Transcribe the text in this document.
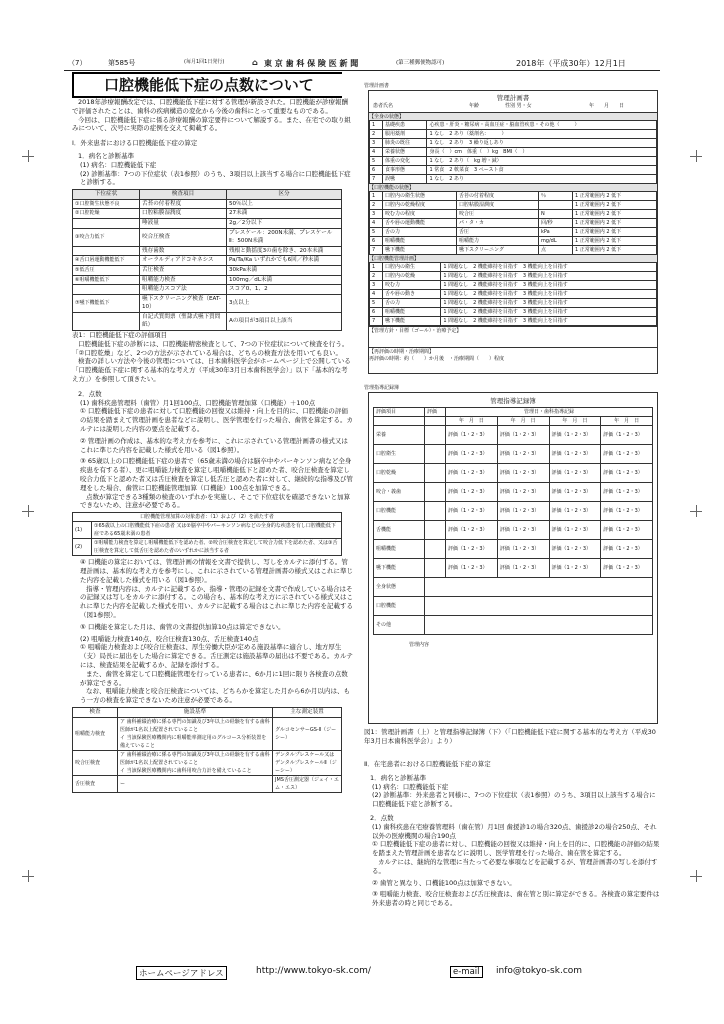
（7）	第585号	(毎月1回1日発行)	⌂ 東 京 歯 科 保 険 医 新 聞	(第三種郵便物認可)	2018年（平成30年）12月1日
口腔機能低下症の点数について

2018年診療報酬改定では、口腔機能低下症に対する管理が新設された。口腔機能が診療報酬で評価されたことは、歯科の疾病構造の変化から今後の歯科にとって重要なものである。

今回は、口腔機能低下症に係る診療報酬の算定要件について解説する。また、在宅での取り組みについて、次号に実際の症例を交えて掲載する。

Ⅰ．外来患者における口腔機能低下症の算定

1．病名と診断基準

(1) 病名：口腔機能低下症

(2) 診断基準：7つの下位症状（表1参照）のうち、3項目以上該当する場合に口腔機能低下症と診断する。

下位症状	検査項目	区分
①口腔衛生状態不良	舌苔の付着程度	50％以上
②口腔乾燥	口腔粘膜湿潤度	27未満
	唾液量	2g／2分以下
③咬合力低下	咬合圧検査	プレスケール：200N未満、プレスケールⅡ：500N未満
	残存歯数	残根と動揺度3の歯を除き、20本未満
④舌口唇運動機能低下	オーラルディアドコキネシス	Pa/Ta/Ka いずれかでも6回／秒未満
⑤低舌圧	舌圧検査	30kPa未満
⑥咀嚼機能低下	咀嚼能力検査	100mg／dL未満
	咀嚼能力スコア法	スコア0、1、2
⑦嚥下機能低下	嚥下スクリーニング検査（EAT-10）	3点以上
	自記式質問票（聖隷式嚥下質問紙）	Aの項目が3項目以上該当

表1：口腔機能低下症の評価項目

口腔機能低下症の診断には、口腔機能精密検査として、7つの下位症状について検査を行う。「②口腔乾燥」など、2つの方法が示されている場合は、どちらの検査方法を用いても良い。

検査の詳しい方法や今後の管理については、日本歯科医学会がホームページ上で公開している「口腔機能低下症に関する基本的な考え方（平成30年3月日本歯科医学会）」以下「基本的な考え方」）を参照して頂きたい。

2．点数

(1) 歯科疾患管理料（歯管）月1回100点、口腔機能管理加算（口機能）＋100点

① 口腔機能低下症の患者に対して口腔機能の回復又は維持・向上を目的に、口腔機能の評価の結果を踏まえて管理計画を患者などに説明し、医学管理を行った場合、歯管を算定する。カルテには説明した内容の要点を記載する。

② 管理計画の作成は、基本的な考え方を参考に、これに示されている管理計画書の様式又はこれに準じた内容を記載した様式を用いる（図1参照）。

③ 65歳以上の口腔機能低下症の患者で（65歳未満の場合は脳卒中やパーキンソン病など全身疾患を有する者）、更に咀嚼能力検査を算定し咀嚼機能低下と認めた者、咬合圧検査を算定し咬合力低下と認めた者又は舌圧検査を算定し低舌圧と認めた者に対して、継続的な指導及び管理をした場合、歯管に口腔機能管理加算（口機能）100点を加算できる。

点数が算定できる3種類の検査のいずれかを実施し、そこで下位症状を確認できないと加算できないため、注意が必要である。

口腔機能管理加算の対象患者：（1）および（2）を満たす者	
(1)	①65歳以上の口腔機能低下症の患者 又は②脳卒中やパーキンソン病などの全身的な疾患を有し口腔機能低下症である65歳未満の患者
(2)	①咀嚼能力検査を算定し咀嚼機能低下を認めた者、②咬合圧検査を算定して咬合力低下を認めた者、又は③舌圧検査を算定して低舌圧を認めた者のいずれかに該当する者

④ 口機能の算定においては、管理計画の情報を文書で提供し、写しをカルテに添付する。管理計画は、基本的な考え方を参考にし、これに示されている管理計画書の様式又はこれに準じた内容を記載した様式を用いる（図1参照）。

指導・管理内容は、カルテに記載するか、指導・管理の記録を文書で作成している場合はその記録又は写しをカルテに添付する。この場合も、基本的な考え方に示されている様式又はこれに準じた内容を記載した様式を用い、カルテに記載する場合はこれに準じた内容を記載する（図1参照）。

⑤ 口機能を算定した月は、歯管の文書提供加算10点は算定できない。

(2) 咀嚼能力検査140点、咬合圧検査130点、舌圧検査140点

① 咀嚼能力検査および咬合圧検査は、厚生労働大臣が定める施設基準に適合し、地方厚生（支）局長に届出をした場合に算定できる。舌圧測定は施設基準の届出は不要である。カルテには、検査結果を記載するか、記録を添付する。

また、歯管を算定して口腔機能管理を行っている患者に、6か月に1回に限り各検査の点数が算定できる。

なお、咀嚼能力検査と咬合圧検査については、どちらかを算定した月から6か月以内は、もう一方の検査を算定できないため注意が必要である。

検査	施設基準	主な測定装置
咀嚼能力検査	ア 歯科補綴治療に係る専門の知識及び3年以上の経験を有する歯科医師が1名以上配置されていること
イ 当該保険医療機関内に咀嚼能率測定用のグルコース分析装置を備えていること	グルコセンサーGS-Ⅱ（ジーシー）
咬合圧検査	ア 歯科補綴治療に係る専門の知識及び3年以上の経験を有する歯科医師が1名以上配置されていること
イ 当該保険医療機関内に歯科用咬合力計を備えていること	デンタルプレスケール又はデンタルプレスケールⅡ（ジーシー）
舌圧検査	ー	JMS舌圧測定器（ジェイ・エム・エス）
管理計画書
管理計画書
患者氏名	年齢	性別 男・女	年　　月　　日
【全身の状態】
1	基礎疾患	心疾患・肝炎・糖尿病・高血圧症・脳血管疾患・その他（　　　）
2	服用薬剤	1 なし　2 あり（薬剤名：　　　）
3	肺炎の既往	1 なし　2 あり　3 繰り返しあり
4	栄養状態	身長（　）cm　体重（　）kg　BMI（　）
5	体重の変化	1 なし　2 あり（　kg 増・減）
6	食事形態	1 常食　2 軟菜食　3 ペースト食
7	誤嚥	1 なし　2 あり
【口腔機能の状態】
1	口腔内の衛生状態	舌苔の付着程度	％	1 正常範囲内 2 低下
2	口腔内の乾燥程度	口腔粘膜湿潤度		1 正常範囲内 2 低下
3	咬む力の程度	咬合圧	N	1 正常範囲内 2 低下
4	舌や唇の運動機能	パ・タ・カ	回/秒	1 正常範囲内 2 低下
5	舌の力	舌圧	kPa	1 正常範囲内 2 低下
6	咀嚼機能	咀嚼能力	mg/dL	1 正常範囲内 2 低下
7	嚥下機能	嚥下スクリーニング	点	1 正常範囲内 2 低下
【口腔機能管理計画】
1	口腔内の衛生	1 問題なし　2 機能維持を目指す　3 機能向上を目指す
2	口腔内の乾燥	1 問題なし　2 機能維持を目指す　3 機能向上を目指す
3	咬む力	1 問題なし　2 機能維持を目指す　3 機能向上を目指す
4	舌や唇の動き	1 問題なし　2 機能維持を目指す　3 機能向上を目指す
5	舌の力	1 問題なし　2 機能維持を目指す　3 機能向上を目指す
6	咀嚼機能	1 問題なし　2 機能維持を目指す　3 機能向上を目指す
7	嚥下機能	1 問題なし　2 機能維持を目指す　3 機能向上を目指す
【管理方針・目標（ゴール）・治療予定】
【再評価の時期・治療期間】
再評価の時期：約（　　）か月後　・治療期間（　　）程度
管理指導記録簿
管理指導記録簿
評価項目	評価	管理日・歯科指導記録			
		年　月　日	年　月　日	年　月　日	年　月　日
栄養		評価（1・2・3）	評価（1・2・3）	評価（1・2・3）	評価（1・2・3）
口腔衛生		評価（1・2・3）	評価（1・2・3）	評価（1・2・3）	評価（1・2・3）
口腔乾燥		評価（1・2・3）	評価（1・2・3）	評価（1・2・3）	評価（1・2・3）
咬合・義歯		評価（1・2・3）	評価（1・2・3）	評価（1・2・3）	評価（1・2・3）
口腔機能		評価（1・2・3）	評価（1・2・3）	評価（1・2・3）	評価（1・2・3）
舌機能		評価（1・2・3）	評価（1・2・3）	評価（1・2・3）	評価（1・2・3）
咀嚼機能		評価（1・2・3）	評価（1・2・3）	評価（1・2・3）	評価（1・2・3）
嚥下機能		評価（1・2・3）	評価（1・2・3）	評価（1・2・3）	評価（1・2・3）
全身状態					
口腔機能					
その他					
管理内容
図1：管理計画書（上）と管理指導記録簿（下）（「口腔機能低下症に関する基本的な考え方（平成30年3月日本歯科医学会）」より）

Ⅱ．在宅患者における口腔機能低下症の算定

1．病名と診断基準

(1) 病名：口腔機能低下症

(2) 診断基準：外来患者と同様に、7つの下位症状（表1参照）のうち、3項目以上該当する場合に口腔機能低下症と診断する。

2．点数

(1) 歯科疾患在宅療養管理料（歯在管）月1回 歯援診1の場合320点、歯援診2の場合250点、それ以外の医療機関の場合190点

① 口腔機能低下症の患者に対し、口腔機能の回復又は維持・向上を目的に、口腔機能の評価の結果を踏まえた管理計画を患者などに説明し、医学管理を行った場合、歯在管を算定する。

カルテには、継続的な管理に当たって必要な事項などを記載するが、管理計画書の写しを添付する。

② 歯管と異なり、口機能100点は加算できない。

③ 咀嚼能力検査、咬合圧検査および舌圧検査は、歯在管と別に算定ができる。各検査の算定要件は外来患者の時と同じである。

ホームページアドレス	http://www.tokyo-sk.com/	e-mail	info@tokyo-sk.com
